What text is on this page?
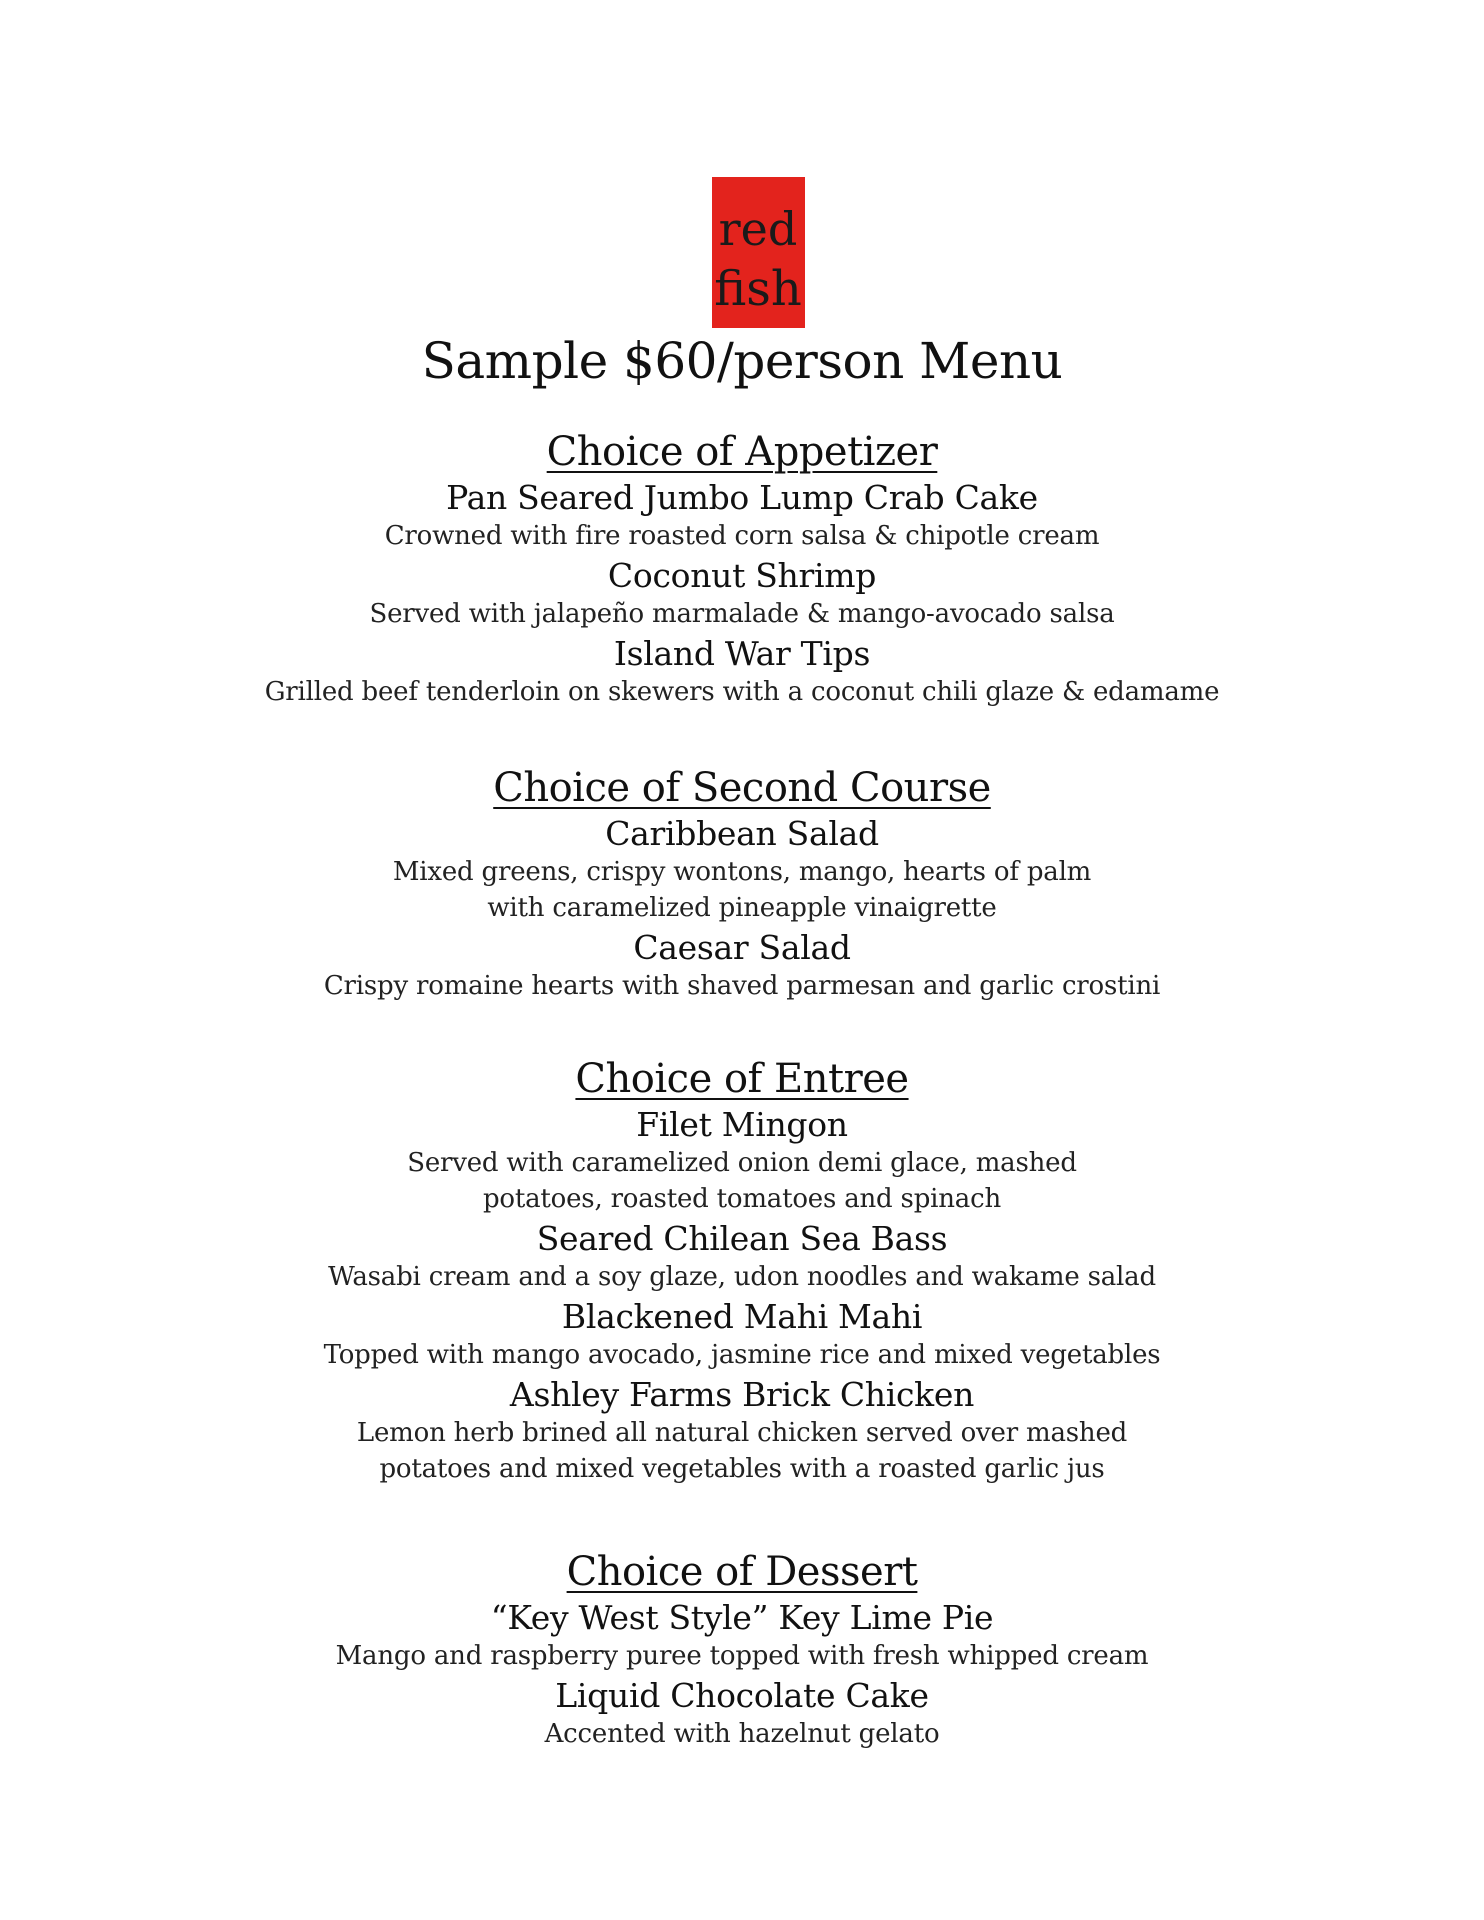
red
fish
Sample $60/person Menu
Choice of Appetizer
Pan Seared Jumbo Lump Crab Cake
Crowned with fire roasted corn salsa & chipotle cream
Coconut Shrimp
Served with jalapeño marmalade & mango-avocado salsa
Island War Tips
Grilled beef tenderloin on skewers with a coconut chili glaze & edamame
Choice of Second Course
Caribbean Salad
Mixed greens, crispy wontons, mango, hearts of palm with caramelized pineapple vinaigrette
Caesar Salad
Crispy romaine hearts with shaved parmesan and garlic crostini
Choice of Entree
Filet Mingon
Served with caramelized onion demi glace, mashed potatoes, roasted tomatoes and spinach
Seared Chilean Sea Bass
Wasabi cream and a soy glaze, udon noodles and wakame salad
Blackened Mahi Mahi
Topped with mango avocado, jasmine rice and mixed vegetables
Ashley Farms Brick Chicken
Lemon herb brined all natural chicken served over mashed potatoes and mixed vegetables with a roasted garlic jus
Choice of Dessert
“Key West Style” Key Lime Pie
Mango and raspberry puree topped with fresh whipped cream
Liquid Chocolate Cake
Accented with hazelnut gelato
